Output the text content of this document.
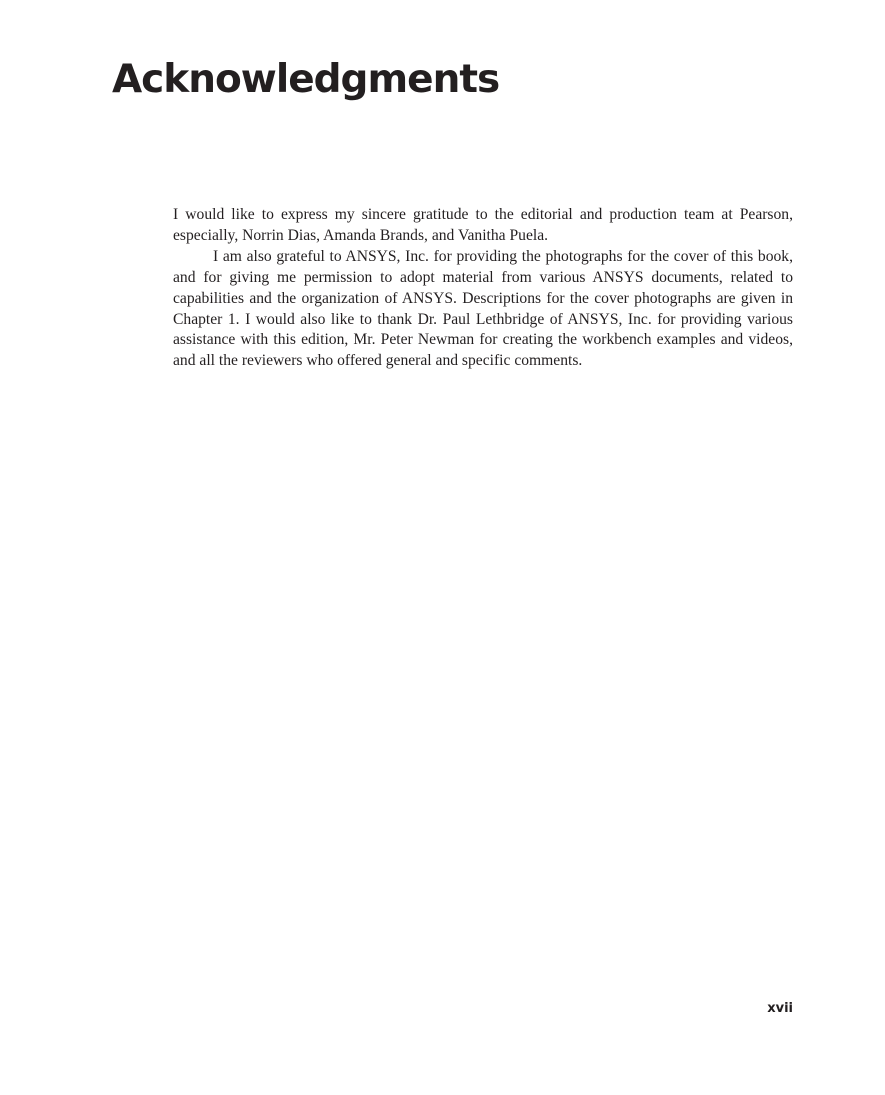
Acknowledgments

I would like to express my sincere gratitude to the editorial and production team at Pearson, especially, Norrin Dias, Amanda Brands, and Vanitha Puela.

I am also grateful to ANSYS, Inc. for providing the photographs for the cover of this book, and for giving me permission to adopt material from various ANSYS documents, related to capabilities and the organization of ANSYS. Descriptions for the cover photographs are given in Chapter 1. I would also like to thank Dr. Paul Lethbridge of ANSYS, Inc. for providing various assistance with this edition, Mr. Peter Newman for creating the workbench examples and videos, and all the reviewers who offered general and specific comments.

xvii
